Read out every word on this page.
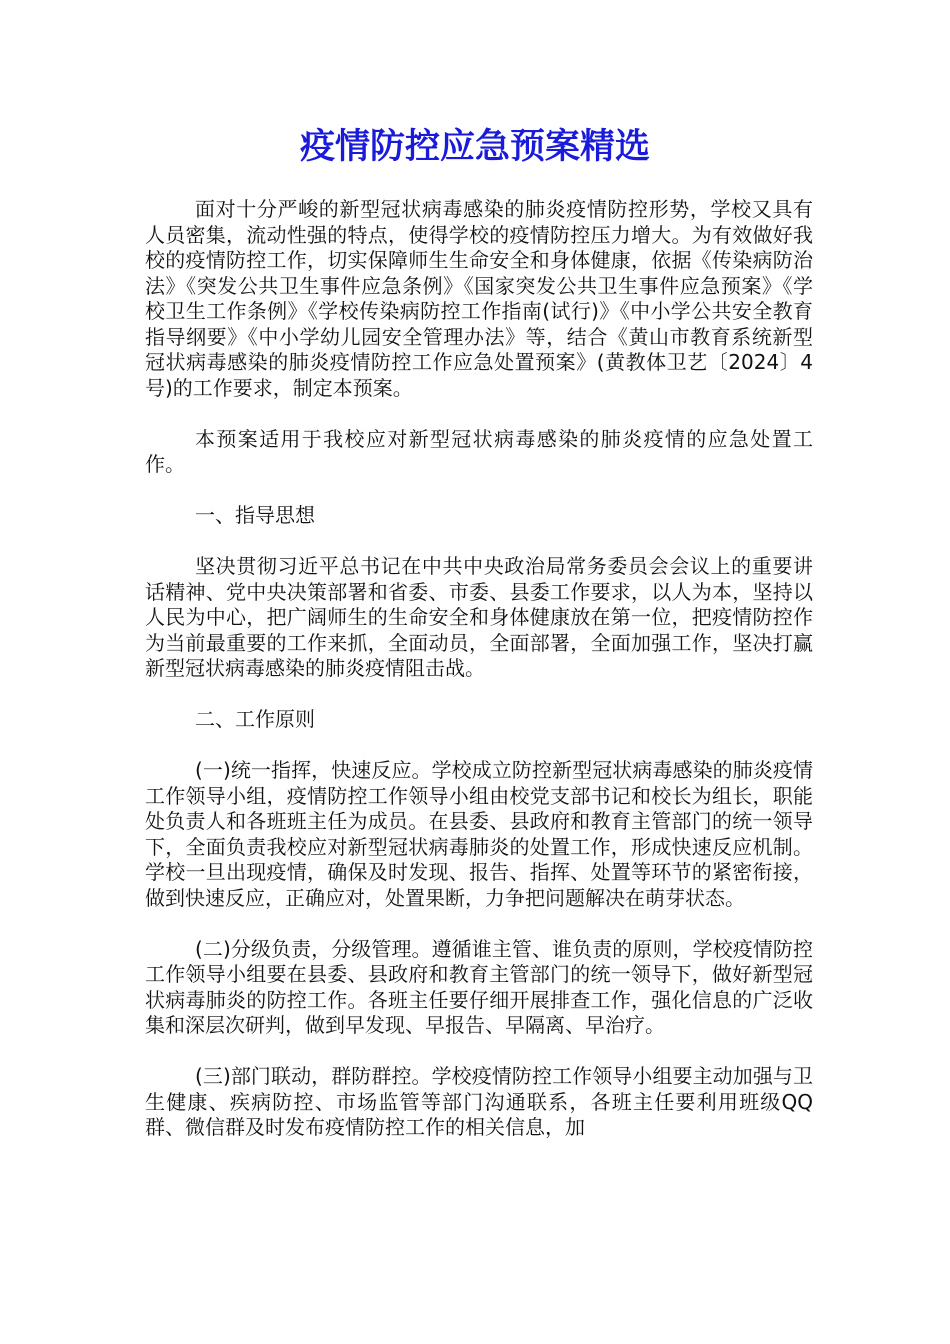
疫情防控应急预案精选

面对十分严峻的新型冠状病毒感染的肺炎疫情防控形势，学校又具有人员密集，流动性强的特点，使得学校的疫情防控压力增大。为有效做好我校的疫情防控工作，切实保障师生生命安全和身体健康，依据《传染病防治法》《突发公共卫生事件应急条例》《国家突发公共卫生事件应急预案》《学校卫生工作条例》《学校传染病防控工作指南(试行)》《中小学公共安全教育指导纲要》《中小学幼儿园安全管理办法》等，结合《黄山市教育系统新型冠状病毒感染的肺炎疫情防控工作应急处置预案》(黄教体卫艺〔2024〕4号)的工作要求，制定本预案。

本预案适用于我校应对新型冠状病毒感染的肺炎疫情的应急处置工作。

一、指导思想

坚决贯彻习近平总书记在中共中央政治局常务委员会会议上的重要讲话精神、党中央决策部署和省委、市委、县委工作要求，以人为本，坚持以人民为中心，把广阔师生的生命安全和身体健康放在第一位，把疫情防控作为当前最重要的工作来抓，全面动员，全面部署，全面加强工作，坚决打赢新型冠状病毒感染的肺炎疫情阻击战。

二、工作原则

(一)统一指挥，快速反应。学校成立防控新型冠状病毒感染的肺炎疫情工作领导小组，疫情防控工作领导小组由校党支部书记和校长为组长，职能处负责人和各班班主任为成员。在县委、县政府和教育主管部门的统一领导下，全面负责我校应对新型冠状病毒肺炎的处置工作，形成快速反应机制。学校一旦出现疫情，确保及时发现、报告、指挥、处置等环节的紧密衔接，做到快速反应，正确应对，处置果断，力争把问题解决在萌芽状态。

(二)分级负责，分级管理。遵循谁主管、谁负责的原则，学校疫情防控工作领导小组要在县委、县政府和教育主管部门的统一领导下，做好新型冠状病毒肺炎的防控工作。各班主任要仔细开展排查工作，强化信息的广泛收集和深层次研判，做到早发现、早报告、早隔离、早治疗。

(三)部门联动，群防群控。学校疫情防控工作领导小组要主动加强与卫生健康、疾病防控、市场监管等部门沟通联系，各班主任要利用班级QQ群、微信群及时发布疫情防控工作的相关信息，加
